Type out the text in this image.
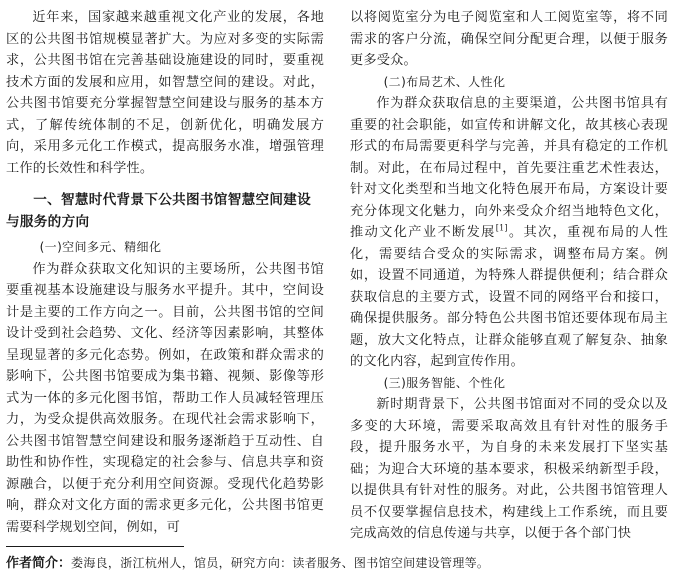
近年来，国家越来越重视文化产业的发展，各地区的公共图书馆规模显著扩大。为应对多变的实际需求，公共图书馆在完善基础设施建设的同时，要重视技术方面的发展和应用，如智慧空间的建设。对此，公共图书馆要充分掌握智慧空间建设与服务的基本方式，了解传统体制的不足，创新优化，明确发展方向，采用多元化工作模式，提高服务水准，增强管理工作的长效性和科学性。

一、智慧时代背景下公共图书馆智慧空间建设与服务的方向
(一)空间多元、精细化

作为群众获取文化知识的主要场所，公共图书馆要重视基本设施建设与服务水平提升。其中，空间设计是主要的工作方向之一。目前，公共图书馆的空间设计受到社会趋势、文化、经济等因素影响，其整体呈现显著的多元化态势。例如，在政策和群众需求的影响下，公共图书馆要成为集书籍、视频、影像等形式为一体的多元化图书馆，帮助工作人员减轻管理压力，为受众提供高效服务。在现代社会需求影响下，公共图书馆智慧空间建设和服务逐渐趋于互动性、自助性和协作性，实现稳定的社会参与、信息共享和资源融合，以便于充分利用空间资源。受现代化趋势影响，群众对文化方面的需求更多元化，公共图书馆更需要科学规划空间，例如，可

以将阅览室分为电子阅览室和人工阅览室等，将不同需求的客户分流，确保空间分配更合理，以便于服务更多受众。

(二)布局艺术、人性化

作为群众获取信息的主要渠道，公共图书馆具有重要的社会职能，如宣传和讲解文化，故其核心表现形式的布局需要更科学与完善，并具有稳定的工作机制。对此，在布局过程中，首先要注重艺术性表达，针对文化类型和当地文化特色展开布局，方案设计要充分体现文化魅力，向外来受众介绍当地特色文化，推动文化产业不断发展[1]。其次，重视布局的人性化，需要结合受众的实际需求，调整布局方案。例如，设置不同通道，为特殊人群提供便利；结合群众获取信息的主要方式，设置不同的网络平台和接口，确保提供服务。部分特色公共图书馆还要体现布局主题，放大文化特点，让群众能够直观了解复杂、抽象的文化内容，起到宣传作用。

(三)服务智能、个性化

新时期背景下，公共图书馆面对不同的受众以及多变的大环境，需要采取高效且有针对性的服务手段，提升服务水平，为自身的未来发展打下坚实基础；为迎合大环境的基本要求，积极采纳新型手段，以提供具有针对性的服务。对此，公共图书馆管理人员不仅要掌握信息技术，构建线上工作系统，而且要完成高效的信息传递与共享，以便于各个部门快

作者简介：娄海良，浙江杭州人，馆员，研究方向：读者服务、图书馆空间建设管理等。
